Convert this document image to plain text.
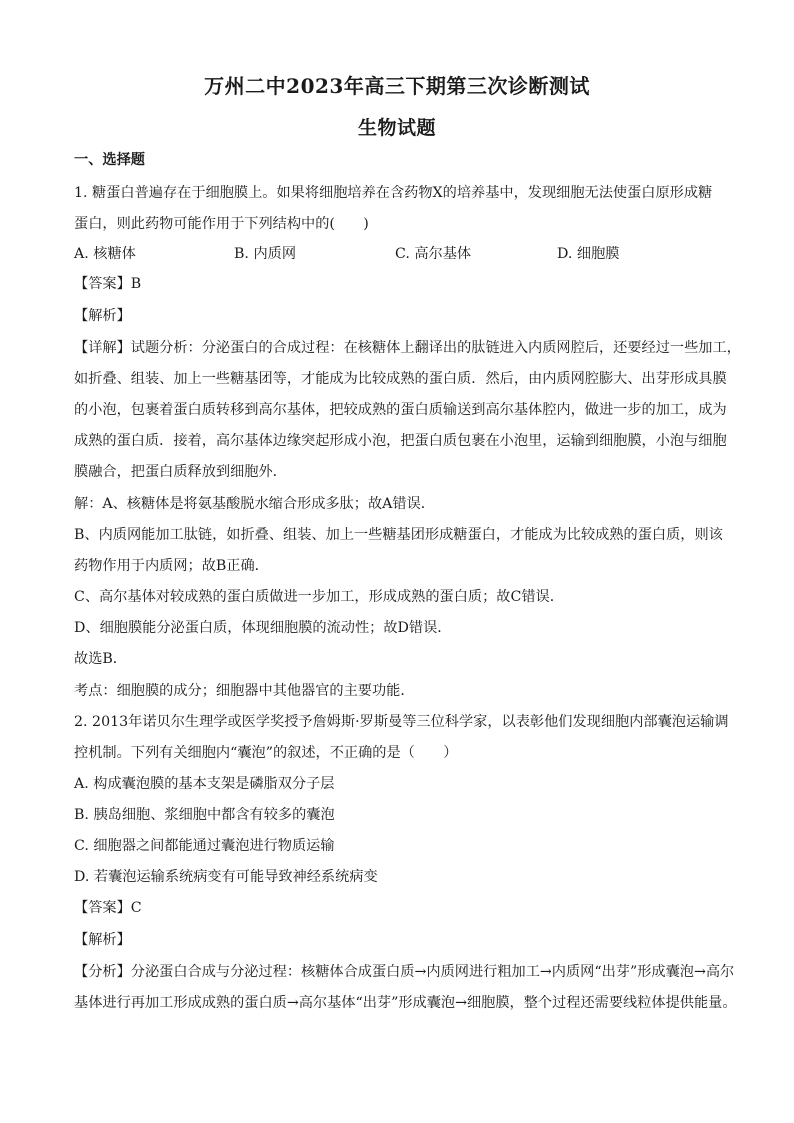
万州二中2023年高三下期第三次诊断测试
生物试题
一、选择题
1. 糖蛋白普遍存在于细胞膜上。如果将细胞培养在含药物X的培养基中，发现细胞无法使蛋白原形成糖
蛋白，则此药物可能作用于下列结构中的(　　)
A. 核糖体	B. 内质网	C. 高尔基体	D. 细胞膜
【答案】B
【解析】
【详解】试题分析：分泌蛋白的合成过程：在核糖体上翻译出的肽链进入内质网腔后，还要经过一些加工，
如折叠、组装、加上一些糖基团等，才能成为比较成熟的蛋白质．然后，由内质网腔膨大、出芽形成具膜
的小泡，包裹着蛋白质转移到高尔基体，把较成熟的蛋白质输送到高尔基体腔内，做进一步的加工，成为
成熟的蛋白质．接着，高尔基体边缘突起形成小泡，把蛋白质包裹在小泡里，运输到细胞膜，小泡与细胞
膜融合，把蛋白质释放到细胞外．
解：A、核糖体是将氨基酸脱水缩合形成多肽；故A错误．
B、内质网能加工肽链，如折叠、组装、加上一些糖基团形成糖蛋白，才能成为比较成熟的蛋白质，则该
药物作用于内质网；故B正确．
C、高尔基体对较成熟的蛋白质做进一步加工，形成成熟的蛋白质；故C错误．
D、细胞膜能分泌蛋白质，体现细胞膜的流动性；故D错误．
故选B．
考点：细胞膜的成分；细胞器中其他器官的主要功能．
2. 2013年诺贝尔生理学或医学奖授予詹姆斯·罗斯曼等三位科学家，以表彰他们发现细胞内部囊泡运输调
控机制。下列有关细胞内“囊泡”的叙述，不正确的是（　　）
A. 构成囊泡膜的基本支架是磷脂双分子层
B. 胰岛细胞、浆细胞中都含有较多的囊泡
C. 细胞器之间都能通过囊泡进行物质运输
D. 若囊泡运输系统病变有可能导致神经系统病变
【答案】C
【解析】
【分析】分泌蛋白合成与分泌过程：核糖体合成蛋白质→内质网进行粗加工→内质网“出芽”形成囊泡→高尔
基体进行再加工形成成熟的蛋白质→高尔基体“出芽”形成囊泡→细胞膜，整个过程还需要线粒体提供能量。
